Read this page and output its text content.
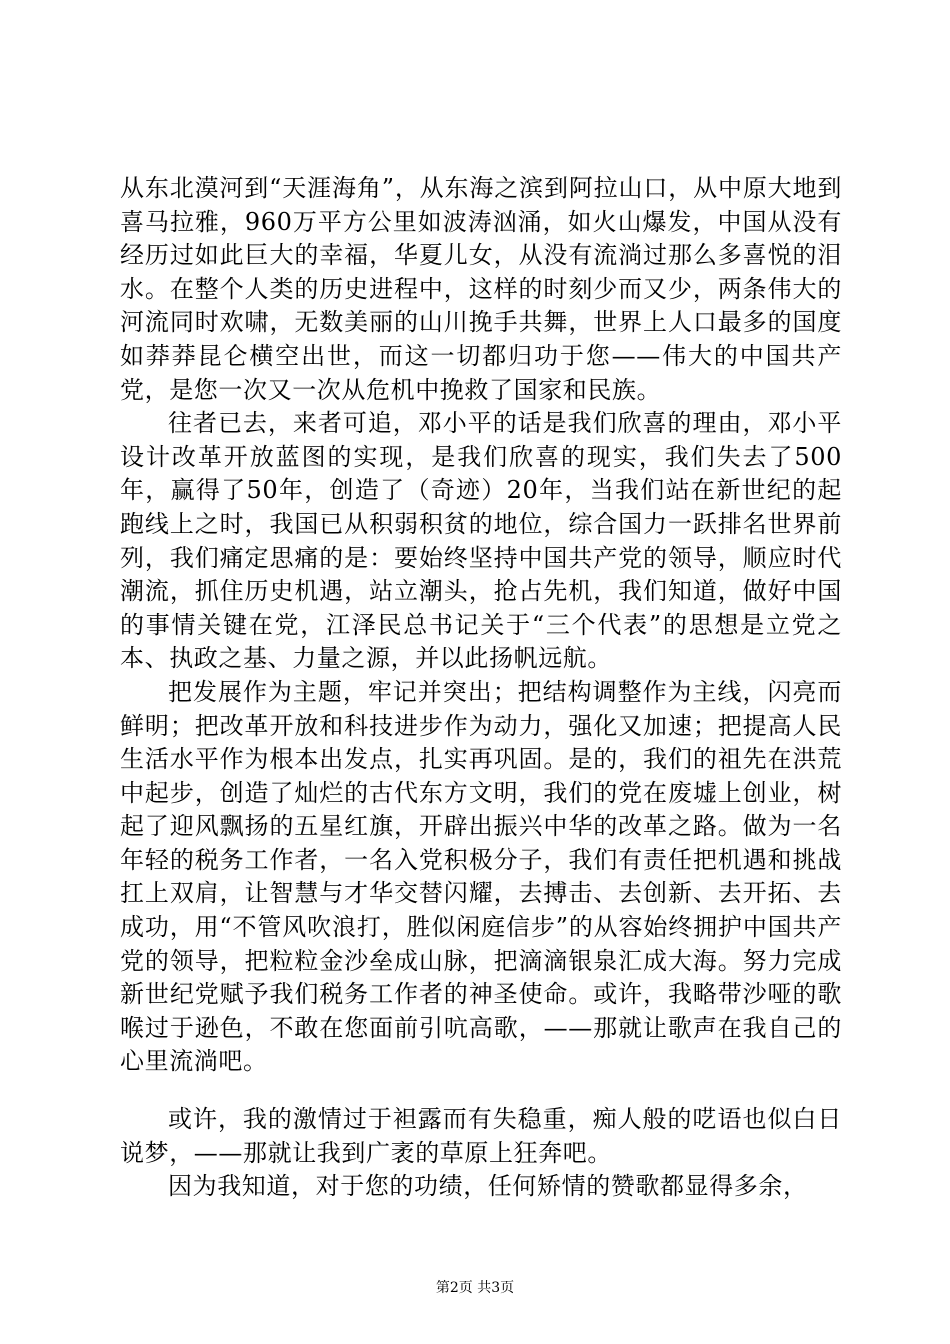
从东北漠河到“天涯海角”，从东海之滨到阿拉山口，从中原大地到喜马拉雅，960万平方公里如波涛汹涌，如火山爆发，中国从没有经历过如此巨大的幸福，华夏儿女，从没有流淌过那么多喜悦的泪水。在整个人类的历史进程中，这样的时刻少而又少，两条伟大的河流同时欢啸，无数美丽的山川挽手共舞，世界上人口最多的国度如莽莽昆仑横空出世，而这一切都归功于您——伟大的中国共产党，是您一次又一次从危机中挽救了国家和民族。

往者已去，来者可追，邓小平的话是我们欣喜的理由，邓小平设计改革开放蓝图的实现，是我们欣喜的现实，我们失去了500年，赢得了50年，创造了（奇迹）20年，当我们站在新世纪的起跑线上之时，我国已从积弱积贫的地位，综合国力一跃排名世界前列，我们痛定思痛的是：要始终坚持中国共产党的领导，顺应时代潮流，抓住历史机遇，站立潮头，抢占先机，我们知道，做好中国的事情关键在党，江泽民总书记关于“三个代表”的思想是立党之本、执政之基、力量之源，并以此扬帆远航。

把发展作为主题，牢记并突出；把结构调整作为主线，闪亮而鲜明；把改革开放和科技进步作为动力，强化又加速；把提高人民生活水平作为根本出发点，扎实再巩固。是的，我们的祖先在洪荒中起步，创造了灿烂的古代东方文明，我们的党在废墟上创业，树起了迎风飘扬的五星红旗，开辟出振兴中华的改革之路。做为一名年轻的税务工作者，一名入党积极分子，我们有责任把机遇和挑战扛上双肩，让智慧与才华交替闪耀，去搏击、去创新、去开拓、去成功，用“不管风吹浪打，胜似闲庭信步”的从容始终拥护中国共产党的领导，把粒粒金沙垒成山脉，把滴滴银泉汇成大海。努力完成新世纪党赋予我们税务工作者的神圣使命。或许，我略带沙哑的歌喉过于逊色，不敢在您面前引吭高歌，——那就让歌声在我自己的心里流淌吧。

或许，我的激情过于袒露而有失稳重，痴人般的呓语也似白日说梦，——那就让我到广袤的草原上狂奔吧。

因为我知道，对于您的功绩，任何矫情的赞歌都显得多余，

第2页 共3页
